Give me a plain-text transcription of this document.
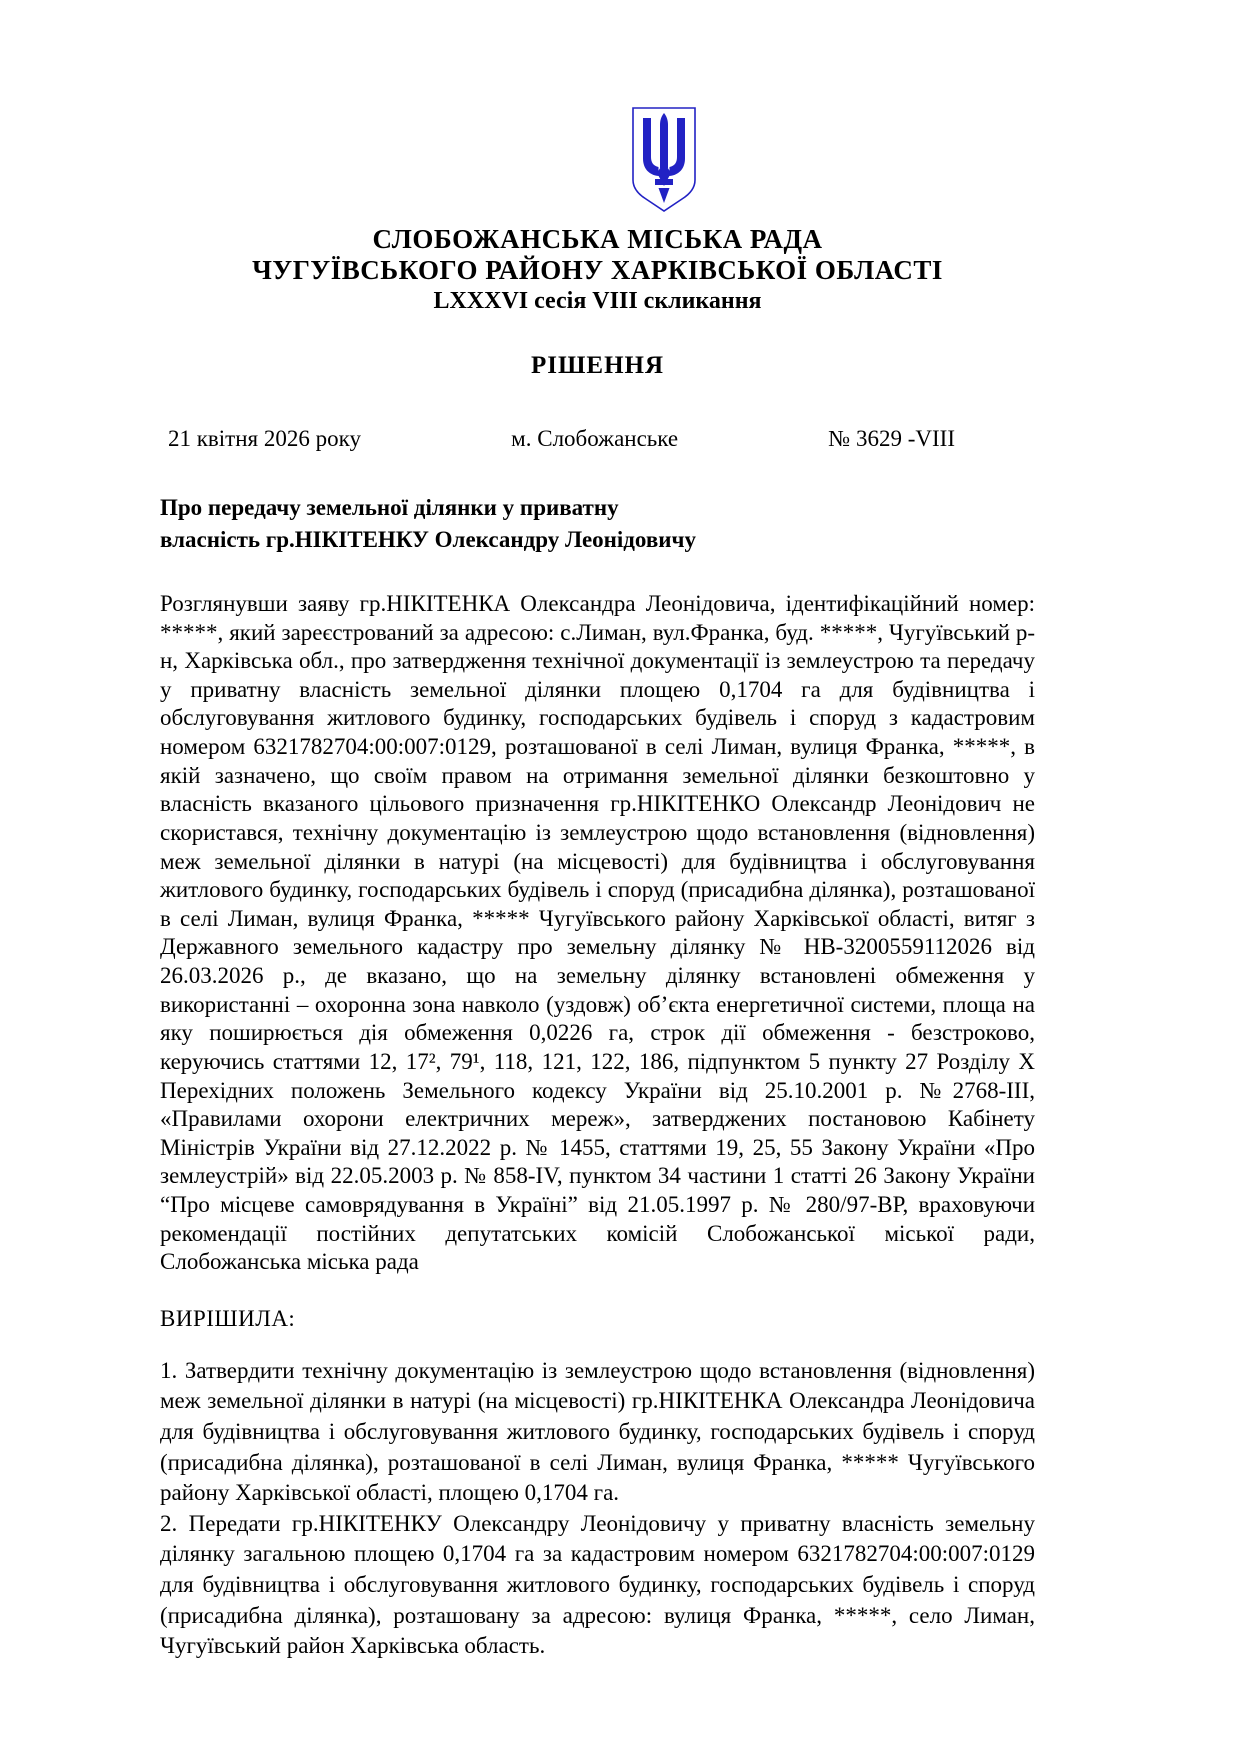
СЛОБОЖАНСЬКА МІСЬКА РАДА
ЧУГУЇВСЬКОГО РАЙОНУ ХАРКІВСЬКОЇ ОБЛАСТІ
LXXXVI сесія VIII скликання
РІШЕННЯ
21 квітня 2026 року	м. Слобожанське	№ 3629 -VIII
Про передачу земельної ділянки у приватну
власність гр.НІКІТЕНКУ Олександру Леонідовичу

Розглянувши заяву гр.НІКІТЕНКА Олександра Леонідовича, ідентифікаційний номер: *****, який зареєстрований за адресою: с.Лиман, вул.Франка, буд. *****, Чугуївський р-н, Харківська обл., про затвердження технічної документації із землеустрою та передачу у приватну власність земельної ділянки площею 0,1704 га для будівництва і обслуговування житлового будинку, господарських будівель і споруд з кадастровим номером 6321782704:00:007:0129, розташованої в селі Лиман, вулиця Франка, *****, в якій зазначено, що своїм правом на отримання земельної ділянки безкоштовно у власність вказаного цільового призначення гр.НІКІТЕНКО Олександр Леонідович не скористався, технічну документацію із землеустрою щодо встановлення (відновлення) меж земельної ділянки в натурі (на місцевості) для будівництва і обслуговування житлового будинку, господарських будівель і споруд (присадибна ділянка), розташованої в селі Лиман, вулиця Франка, ***** Чугуївського району Харківської області, витяг з Державного земельного кадастру про земельну ділянку № НВ-3200559112026 від 26.03.2026 р., де вказано, що на земельну ділянку встановлені обмеження у використанні – охоронна зона навколо (уздовж) об’єкта енергетичної системи, площа на яку поширюється дія обмеження 0,0226 га, строк дії обмеження - безстроково, керуючись статтями 12, 17², 79¹, 118, 121, 122, 186, підпунктом 5 пункту 27 Розділу X Перехідних положень Земельного кодексу України від 25.10.2001 р. №2768-ІІІ, «Правилами охорони електричних мереж», затверджених постановою Кабінету Міністрів України від 27.12.2022 р. № 1455, статтями 19, 25, 55 Закону України «Про землеустрій» від 22.05.2003 р. № 858-IV, пунктом 34 частини 1 статті 26 Закону України “Про місцеве самоврядування в Україні” від 21.05.1997 р. № 280/97-ВР, враховуючи рекомендації постійних депутатських комісій Слобожанської міської ради, Слобожанська міська рада

ВИРІШИЛА:

1. Затвердити технічну документацію із землеустрою щодо встановлення (відновлення) меж земельної ділянки в натурі (на місцевості) гр.НІКІТЕНКА Олександра Леонідовича для будівництва і обслуговування житлового будинку, господарських будівель і споруд (присадибна ділянка), розташованої в селі Лиман, вулиця Франка, ***** Чугуївського району Харківської області, площею 0,1704 га.

2. Передати гр.НІКІТЕНКУ Олександру Леонідовичу у приватну власність земельну ділянку загальною площею 0,1704 га за кадастровим номером 6321782704:00:007:0129 для будівництва і обслуговування житлового будинку, господарських будівель і споруд (присадибна ділянка), розташовану за адресою: вулиця Франка, *****, село Лиман, Чугуївський район Харківська область.
